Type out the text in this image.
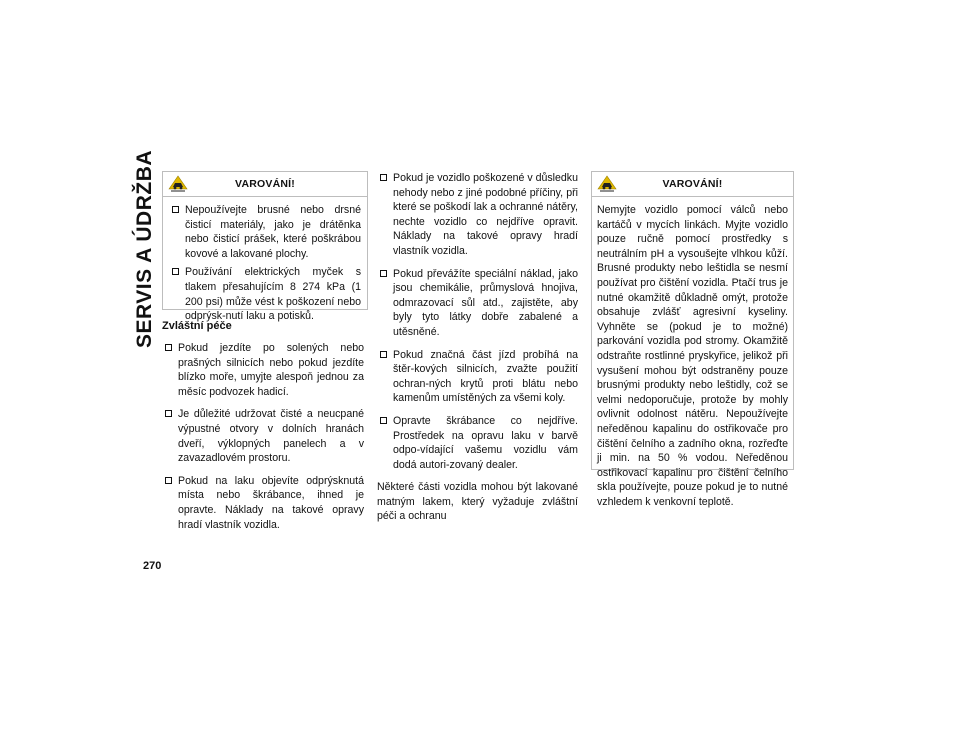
SERVIS A ÚDRŽBA
270
VAROVÁNÍ!
Nepoužívejte brusné nebo drsné čisticí materiály, jako je drátěnka nebo čisticí prášek, které poškrábou kovové a lakované plochy.
Používání elektrických myček s tlakem přesahujícím 8 274 kPa (1 200 psi) může vést k poškození nebo odprýsk-nutí laku a potisků.
Zvláštní péče
Pokud jezdíte po solených nebo prašných silnicích nebo pokud jezdíte blízko moře, umyjte alespoň jednou za měsíc podvozek hadicí.
Je důležité udržovat čisté a neucpané výpustné otvory v dolních hranách dveří, výklopných panelech a v zavazadlovém prostoru.
Pokud na laku objevíte odprýsknutá místa nebo škrábance, ihned je opravte. Náklady na takové opravy hradí vlastník vozidla.
Pokud je vozidlo poškozené v důsledku nehody nebo z jiné podobné příčiny, při které se poškodí lak a ochranné nátěry, nechte vozidlo co nejdříve opravit. Náklady na takové opravy hradí vlastník vozidla.
Pokud převážíte speciální náklad, jako jsou chemikálie, průmyslová hnojiva, odmrazovací sůl atd., zajistěte, aby byly tyto látky dobře zabalené a utěsněné.
Pokud značná část jízd probíhá na štěr-kových silnicích, zvažte použití ochran-ných krytů proti blátu nebo kamenům umístěných za všemi koly.
Opravte škrábance co nejdříve. Prostředek na opravu laku v barvě odpo-vídající vašemu vozidlu vám dodá autori-zovaný dealer.
Některé části vozidla mohou být lakované matným lakem, který vyžaduje zvláštní péči a ochranu
VAROVÁNÍ!
Nemyjte vozidlo pomocí válců nebo kartáčů v mycích linkách. Myjte vozidlo pouze ručně pomocí prostředky s neutrálním pH a vysoušejte vlhkou kůží. Brusné produkty nebo leštidla se nesmí používat pro čištění vozidla. Ptačí trus je nutné okamžitě důkladně omýt, protože obsahuje zvlášť agresivní kyseliny. Vyhněte se (pokud je to možné) parkování vozidla pod stromy. Okamžitě odstraňte rostlinné pryskyřice, jelikož při vysušení mohou být odstraněny pouze brusnými produkty nebo leštidly, což se velmi nedoporučuje, protože by mohly ovlivnit odolnost nátěru. Nepoužívejte neředěnou kapalinu do ostřikovače pro čištění čelního a zadního okna, rozřeďte ji min. na 50 % vodou. Neředěnou ostřikovací kapalinu pro čištění čelního skla používejte, pouze pokud je to nutné vzhledem k venkovní teplotě.
